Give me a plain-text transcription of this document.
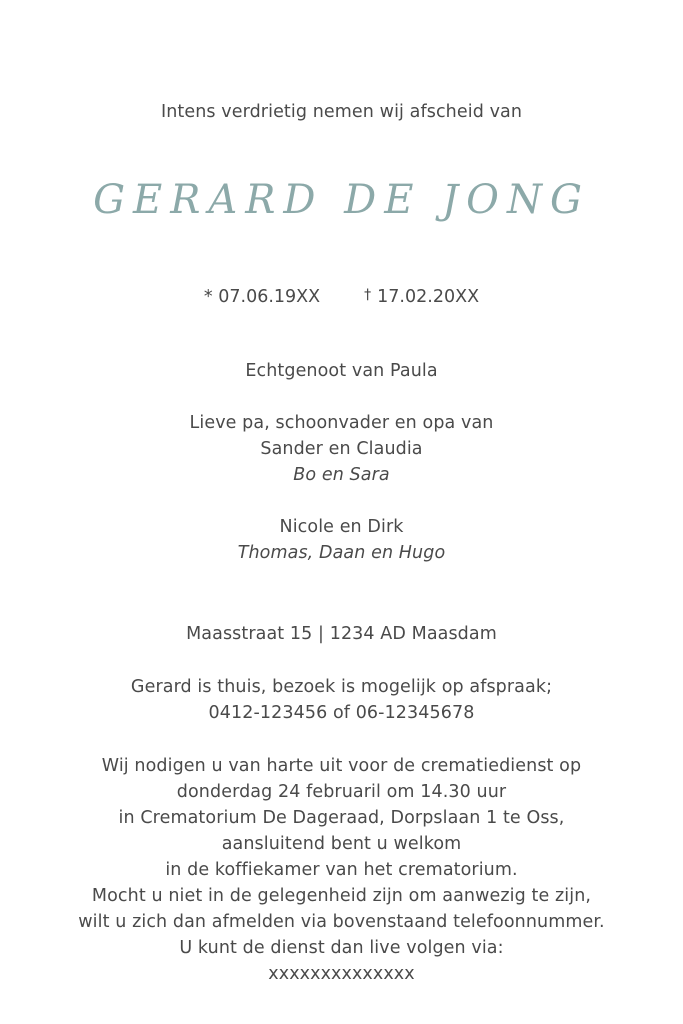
Intens verdrietig nemen wij afscheid van
GERARD DE JONG
* 07.06.19XX	† 17.02.20XX
Echtgenoot van Paula
Lieve pa, schoonvader en opa van
Sander en Claudia
Bo en Sara
Nicole en Dirk
Thomas, Daan en Hugo
Maasstraat 15 | 1234 AD Maasdam
Gerard is thuis, bezoek is mogelijk op afspraak;
0412-123456 of 06-12345678
Wij nodigen u van harte uit voor de crematiedienst op
donderdag 24 februaril om 14.30 uur
in Crematorium De Dageraad, Dorpslaan 1 te Oss,
aansluitend bent u welkom
in de koffiekamer van het crematorium.
Mocht u niet in de gelegenheid zijn om aanwezig te zijn,
wilt u zich dan afmelden via bovenstaand telefoonnummer.
U kunt de dienst dan live volgen via:
xxxxxxxxxxxxxx
